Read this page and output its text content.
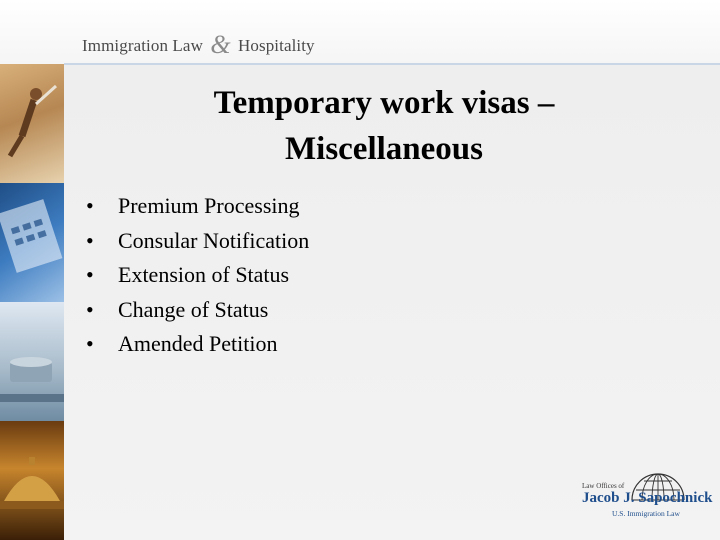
Immigration Law & Hospitality
Temporary work visas –
Miscellaneous
• Premium Processing
• Consular Notification
• Extension of Status
• Change of Status
• Amended Petition
Law Offices of
Jacob J. Sapochnick
U.S. Immigration Law
